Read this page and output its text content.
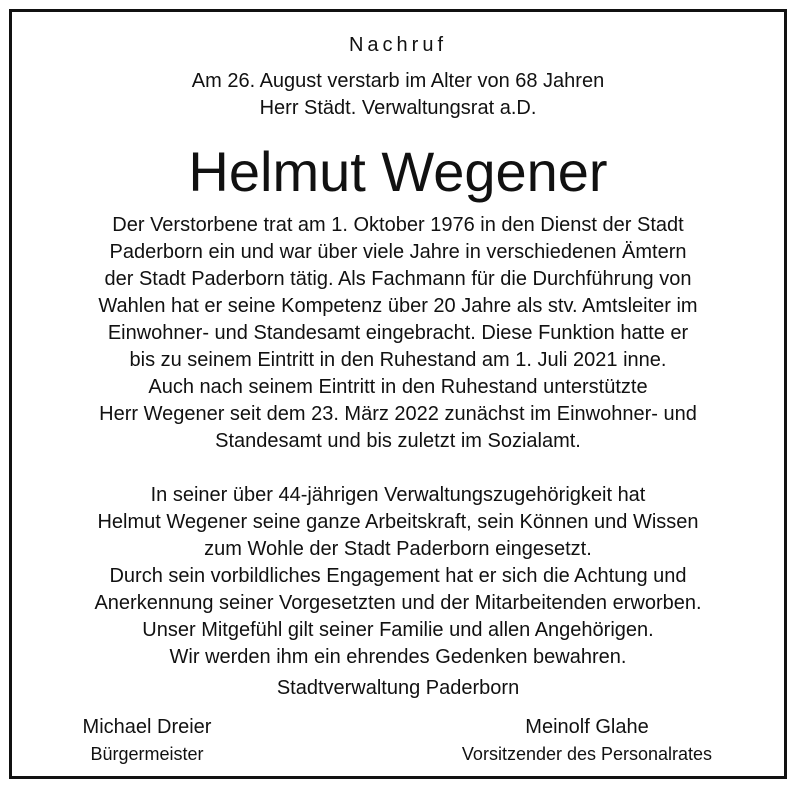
Nachruf
Am 26. August verstarb im Alter von 68 Jahren
Herr Städt. Verwaltungsrat a.D.
Helmut Wegener
Der Verstorbene trat am 1. Oktober 1976 in den Dienst der Stadt
Paderborn ein und war über viele Jahre in verschiedenen Ämtern
der Stadt Paderborn tätig. Als Fachmann für die Durchführung von
Wahlen hat er seine Kompetenz über 20 Jahre als stv. Amtsleiter im
Einwohner- und Standesamt eingebracht. Diese Funktion hatte er
bis zu seinem Eintritt in den Ruhestand am 1. Juli 2021 inne.
Auch nach seinem Eintritt in den Ruhestand unterstützte
Herr Wegener seit dem 23. März 2022 zunächst im Einwohner- und
Standesamt und bis zuletzt im Sozialamt.
In seiner über 44-jährigen Verwaltungszugehörigkeit hat
Helmut Wegener seine ganze Arbeitskraft, sein Können und Wissen
zum Wohle der Stadt Paderborn eingesetzt.
Durch sein vorbildliches Engagement hat er sich die Achtung und
Anerkennung seiner Vorgesetzten und der Mitarbeitenden erworben.
Unser Mitgefühl gilt seiner Familie und allen Angehörigen.
Wir werden ihm ein ehrendes Gedenken bewahren.
Stadtverwaltung Paderborn
Michael Dreier
Bürgermeister
Meinolf Glahe
Vorsitzender des Personalrates
